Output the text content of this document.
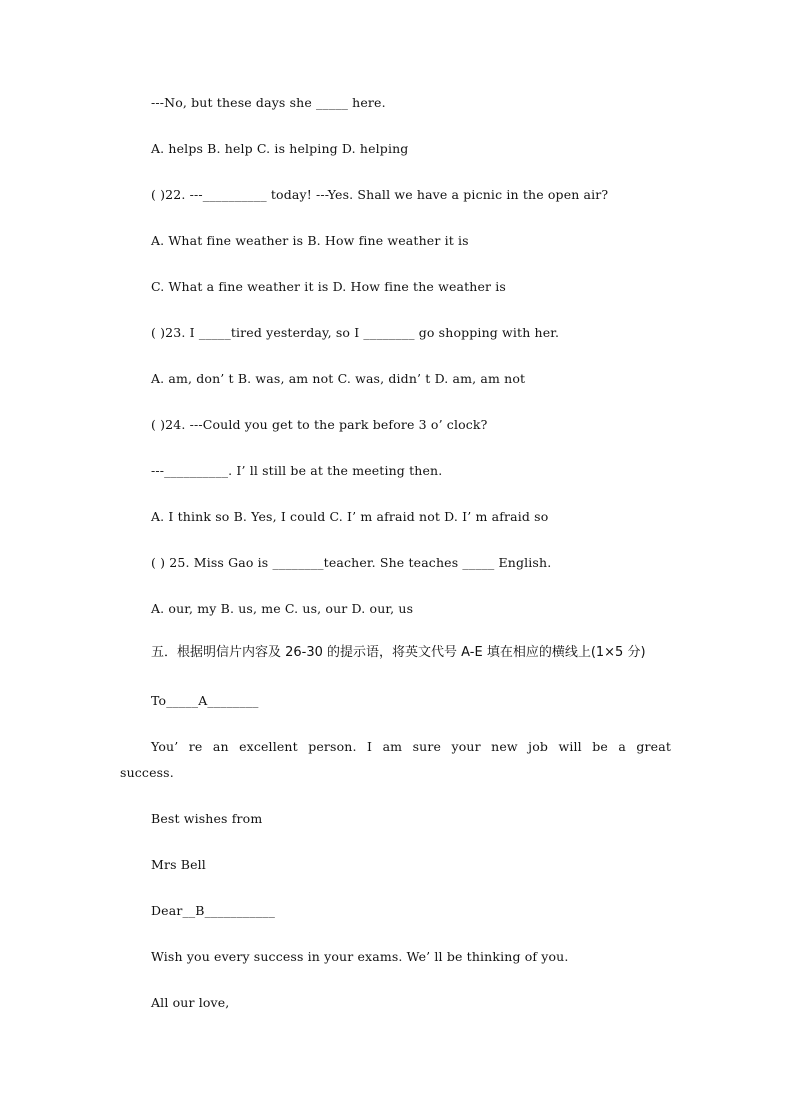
---No, but these days she _____ here.
A. helps B. help C. is helping D. helping
( )22. ---__________ today! ---Yes. Shall we have a picnic in the open air?
A. What fine weather is B. How fine weather it is
C. What a fine weather it is D. How fine the weather is
( )23. I _____tired yesterday, so I ________ go shopping with her.
A. am, don’ t B. was, am not C. was, didn’ t D. am, am not
( )24. ---Could you get to the park before 3 o’ clock?
---__________. I’ ll still be at the meeting then.
A. I think so B. Yes, I could C. I’ m afraid not D. I’ m afraid so
( ) 25. Miss Gao is ________teacher. She teaches _____ English.
A. our, my B. us, me C. us, our D. our, us
五．根据明信片内容及 26-30 的提示语，将英文代号 A-E 填在相应的横线上(1×5 分)
To_____A________
You’ re an excellent person. I am sure your new job will be a great
success.
Best wishes from
Mrs Bell
Dear__B___________
Wish you every success in your exams. We’ ll be thinking of you.
All our love,
